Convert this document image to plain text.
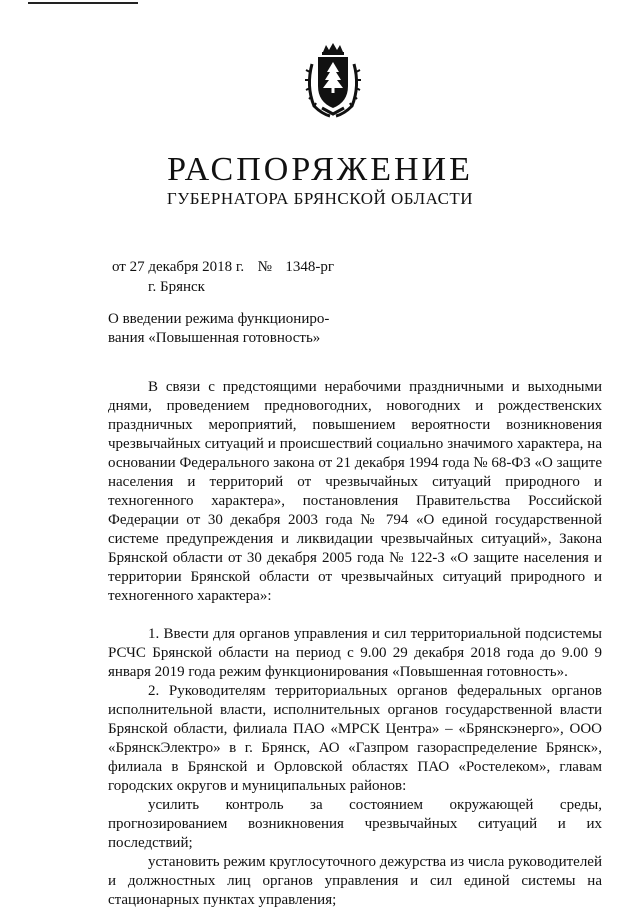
РАСПОРЯЖЕНИЕ
ГУБЕРНАТОРА БРЯНСКОЙ ОБЛАСТИ
от 27 декабря 2018 г. № 1348-рг
г. Брянск
О введении режима функциониро-
вания «Повышенная готовность»

В связи с предстоящими нерабочими праздничными и выходными днями, проведением предновогодних, новогодних и рождественских праздничных мероприятий, повышением вероятности возникновения чрезвычайных ситуаций и происшествий социально значимого характера, на основании Федерального закона от 21 декабря 1994 года № 68-ФЗ «О защите населения и территорий от чрезвычайных ситуаций природного и техногенного характера», постановления Правительства Российской Федерации от 30 декабря 2003 года № 794 «О единой государственной системе предупреждения и ликвидации чрезвычайных ситуаций», Закона Брянской области от 30 декабря 2005 года № 122-З «О защите населения и территории Брянской области от чрезвычайных ситуаций природного и техногенного характера»:

1. Ввести для органов управления и сил территориальной подсистемы РСЧС Брянской области на период с 9.00 29 декабря 2018 года до 9.00 9 января 2019 года режим функционирования «Повышенная готовность».

2. Руководителям территориальных органов федеральных органов исполнительной власти, исполнительных органов государственной власти Брянской области, филиала ПАО «МРСК Центра» – «Брянскэнерго», ООО «БрянскЭлектро» в г. Брянск, АО «Газпром газораспределение Брянск», филиала в Брянской и Орловской областях ПАО «Ростелеком», главам городских округов и муниципальных районов:

усилить контроль за состоянием окружающей среды, прогнозированием возникновения чрезвычайных ситуаций и их последствий;

установить режим круглосуточного дежурства из числа руководителей и должностных лиц органов управления и сил единой системы на стационарных пунктах управления;
